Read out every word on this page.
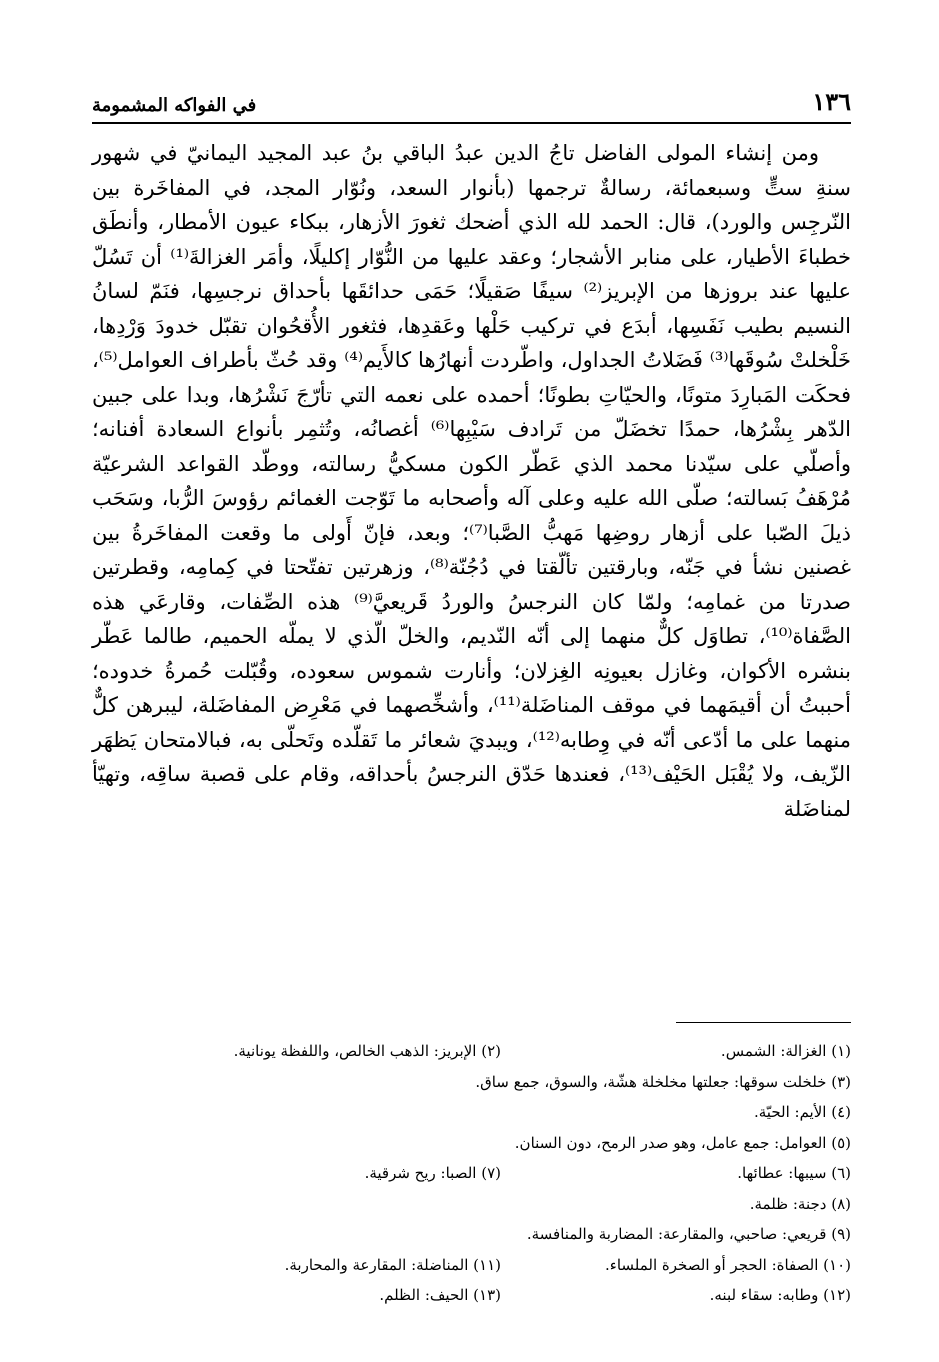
١٣٦
في الفواكه المشمومة

ومن إنشاء المولى الفاضل تاجُ الدين عبدُ الباقي بنُ عبد المجيد اليمانيّ في شهور سنةِ ستٍّ وسبعمائة، رسالةٌ ترجمها (بأنوار السعد، ونُوّار المجد، في المفاخَرة بين النّرجِس والورد)، قال: الحمد لله الذي أضحك ثغورَ الأزهار، ببكاء عيون الأمطار، وأنطَق خطباءَ الأطيار، على منابر الأشجار؛ وعقد عليها من النُّوّار إكليلًا، وأمَر الغزالةَ⁽¹⁾ أن تَسُلّ عليها عند بروزها من الإبريز⁽²⁾ سيفًا صَقيلًا؛ حَمَى حدائقَها بأحداق نرجسِها، فنَمّ لسانُ النسيم بطيب نَفَسِها، أبدَع في تركيب حَلْها وعَقدِها، فثغور الأُقحُوان تقبّل خدودَ وَرْدِها، خَلْخلتْ سُوقَها⁽³⁾ فَضَلاتُ الجداول، واطّردت أنهارُها كالأَيم⁽⁴⁾ وقد حُثّ بأطراف العوامل⁽⁵⁾، فحكَت المَبارِدَ متونًا، والحيّاتِ بطونًا؛ أحمده على نعمه التي تأرّجَ نَشْرُها، وبدا على جبين الدّهر بِشْرُها، حمدًا تخضَلّ من تَرادف سَيْبِها⁽⁶⁾ أغصانُه، وتُثمِر بأنواع السعادة أفنانه؛ وأصلّي على سيّدنا محمد الذي عَطّر الكون مسكيُّ رسالته، ووطّد القواعد الشرعيّة مُرْهَفُ بَسالته؛ صلّى الله عليه وعلى آله وأصحابه ما تَوّجت الغمائم رؤوسَ الرُّبا، وسَحَب ذيلَ الصّبا على أزهار روضِها مَهبُّ الصَّبا⁽⁷⁾؛ وبعد، فإنّ أَولى ما وقعت المفاخَرةُ بين غصنين نشأ في جَنّه، وبارقتين تألّقتا في دُجُنّة⁽⁸⁾، وزهرتين تفتّحتا في كِمامِه، وقطرتين صدرتا من غمامِه؛ ولمّا كان النرجسُ والوردُ قَريعيَّ⁽⁹⁾ هذه الصِّفات، وقارعَي هذه الصَّفاة⁽¹⁰⁾، تطاوَل كلٌّ منهما إلى أنّه النّديم، والخلّ الّذي لا يملّه الحميم، طالما عَطّر بنشره الأكوان، وغازل بعيونِه الغِزلان؛ وأنارت شموس سعوده، وقُبّلت حُمرةُ خدوده؛ أحببتُ أن أقيمَهما في موقف المناضَلة⁽¹¹⁾، وأشخِّصهما في مَعْرِض المفاضَلة، ليبرهن كلٌّ منهما على ما أدّعى أنّه في وِطابه⁽¹²⁾، ويبديَ شعائر ما تَقلّده وتَحلّى به، فبالامتحان يَظهَر الزّيف، ولا يُقْبَل الحَيْف⁽¹³⁾، فعندها حَدّق النرجسُ بأحداقه، وقام على قصبة ساقِه، وتهيّأ لمناضَلة

(١) الغزالة: الشمس.
(٢) الإبريز: الذهب الخالص، واللفظة يونانية.
(٣) خلخلت سوقها: جعلتها مخلخلة هشّة، والسوق، جمع ساق.
(٤) الأيم: الحيّة.
(٥) العوامل: جمع عامل، وهو صدر الرمح، دون السنان.
(٦) سيبها: عطائها.
(٧) الصبا: ريح شرقية.
(٨) دجنة: ظلمة.
(٩) قريعي: صاحبي، والمقارعة: المضاربة والمنافسة.
(١٠) الصفاة: الحجر أو الصخرة الملساء.
(١١) المناضلة: المقارعة والمحاربة.
(١٢) وطابه: سقاء لبنه.
(١٣) الحيف: الظلم.
